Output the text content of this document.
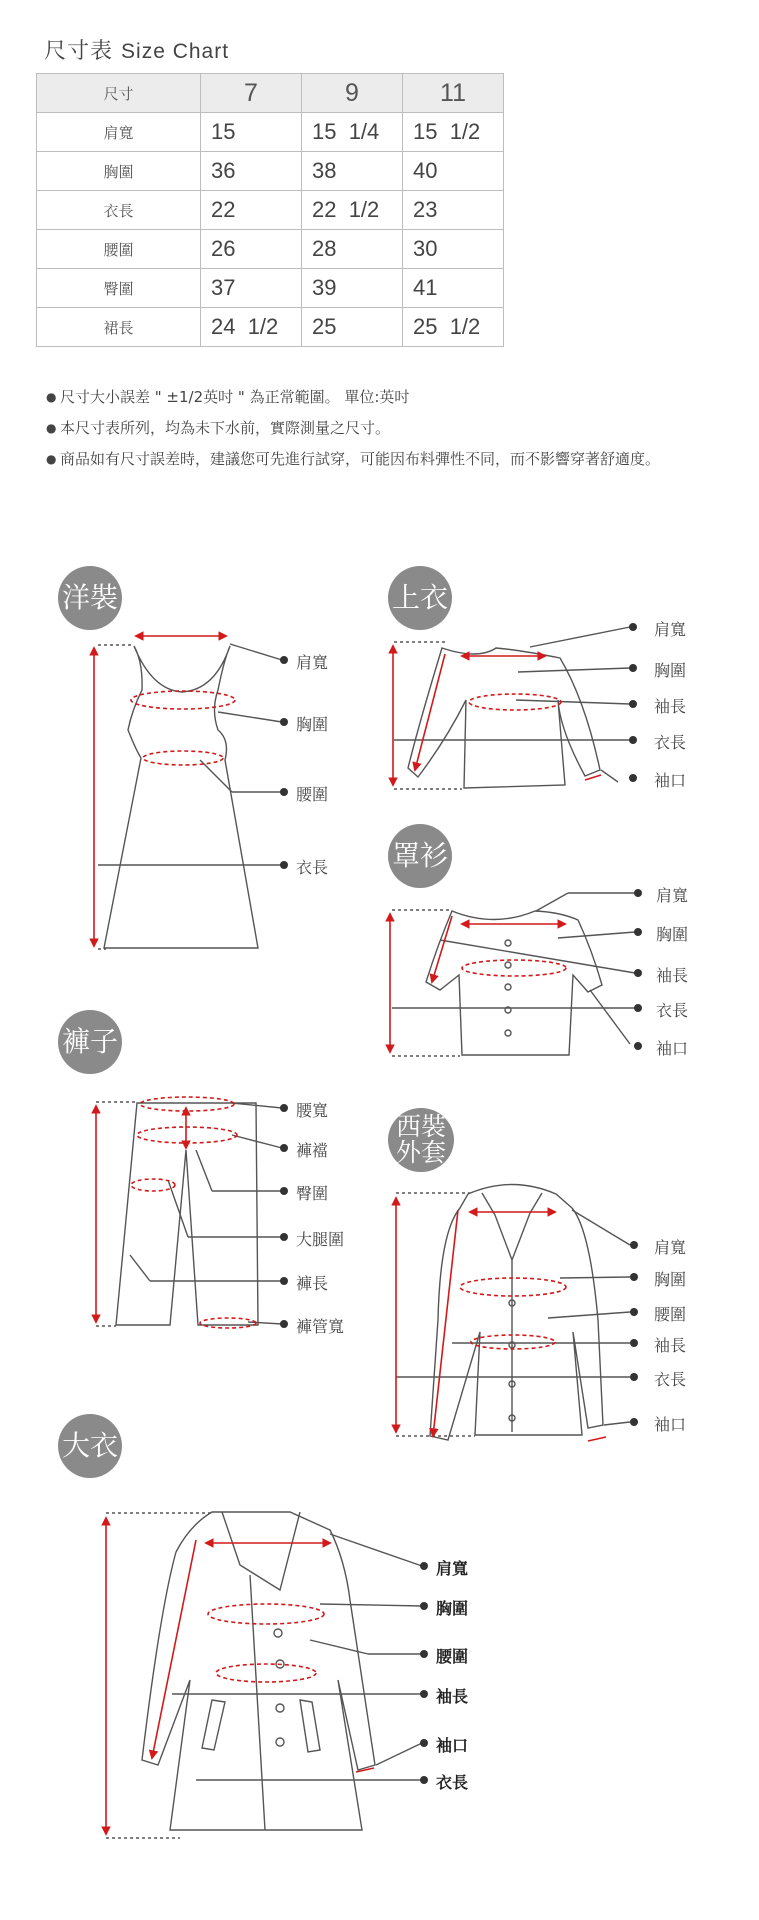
尺寸表 Size Chart
尺寸	7	9	11
肩寬	15	15  1/4	15  1/2
胸圍	36	38	40
衣長	22	22  1/2	23
腰圍	26	28	30
臀圍	37	39	41
裙長	24  1/2	25	25  1/2
● 尺寸大小誤差 " ±1/2英吋 " 為正常範圍。 單位:英吋
● 本尺寸表所列，均為未下水前，實際測量之尺寸。
● 商品如有尺寸誤差時，建議您可先進行試穿，可能因布料彈性不同，而不影響穿著舒適度。
洋裝	上衣
罩衫
褲子
西裝
外套
大衣
肩寬
胸圍
腰圍
衣長
肩寬
胸圍
袖長
衣長
袖口
肩寬
胸圍
袖長
衣長
袖口
腰寬
褲襠
臀圍
大腿圍
褲長
褲管寬
肩寬
胸圍
腰圍
袖長
衣長
袖口
肩寬
胸圍
腰圍
袖長
袖口
衣長
